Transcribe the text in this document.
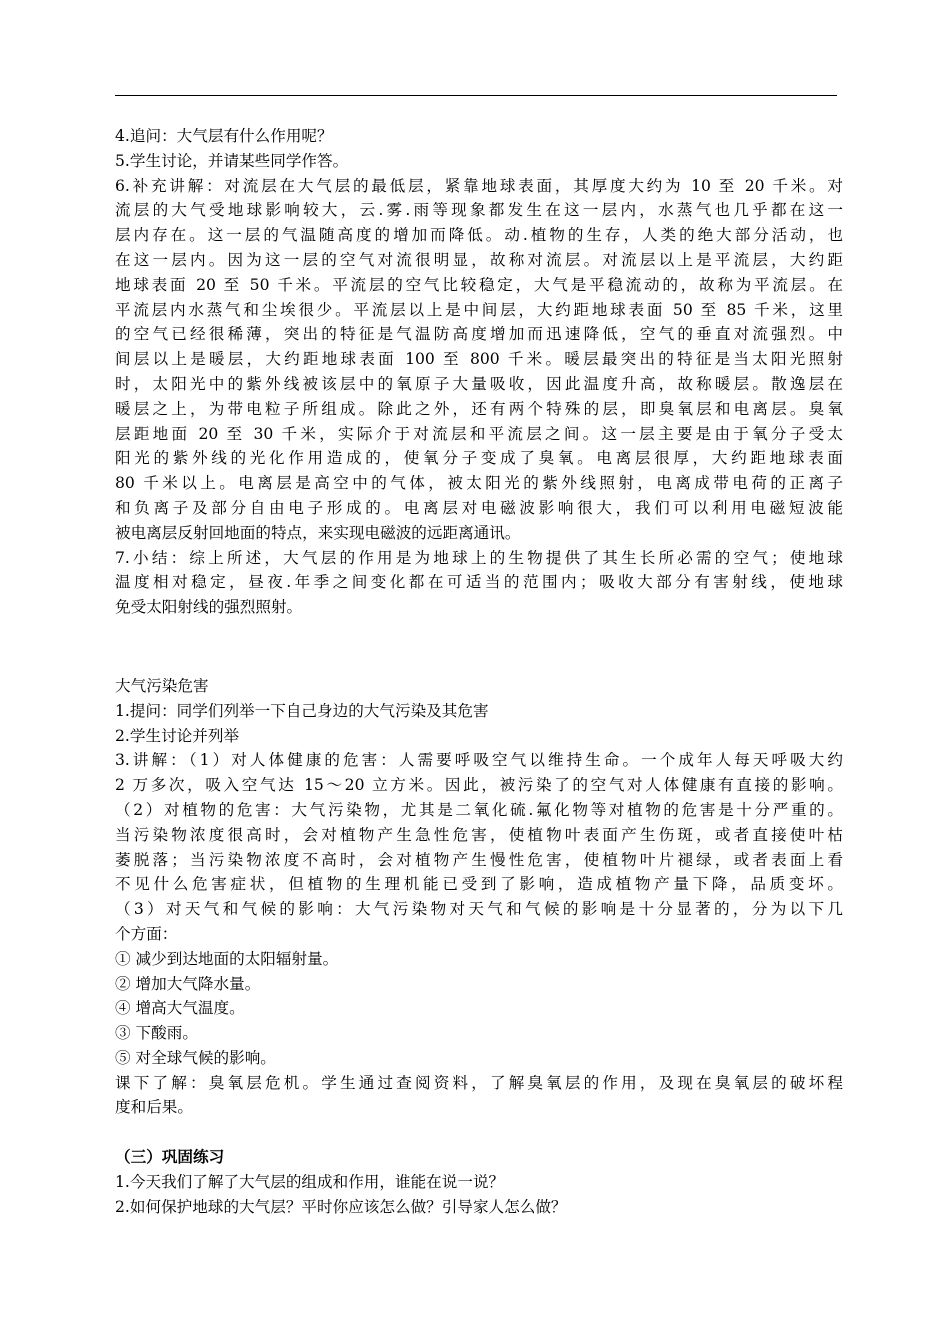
4.追问：大气层有什么作用呢？
5.学生讨论，并请某些同学作答。
6.补充讲解：对流层在大气层的最低层，紧靠地球表面，其厚度大约为 10 至 20 千米。对
流层的大气受地球影响较大，云.雾.雨等现象都发生在这一层内，水蒸气也几乎都在这一
层内存在。这一层的气温随高度的增加而降低。动.植物的生存，人类的绝大部分活动，也
在这一层内。因为这一层的空气对流很明显，故称对流层。对流层以上是平流层，大约距
地球表面 20 至 50 千米。平流层的空气比较稳定，大气是平稳流动的，故称为平流层。在
平流层内水蒸气和尘埃很少。平流层以上是中间层，大约距地球表面 50 至 85 千米，这里
的空气已经很稀薄，突出的特征是气温防高度增加而迅速降低，空气的垂直对流强烈。中
间层以上是暖层，大约距地球表面 100 至 800 千米。暖层最突出的特征是当太阳光照射
时，太阳光中的紫外线被该层中的氧原子大量吸收，因此温度升高，故称暖层。散逸层在
暖层之上，为带电粒子所组成。除此之外，还有两个特殊的层，即臭氧层和电离层。臭氧
层距地面 20 至 30 千米，实际介于对流层和平流层之间。这一层主要是由于氧分子受太
阳光的紫外线的光化作用造成的，使氧分子变成了臭氧。电离层很厚，大约距地球表面
80 千米以上。电离层是高空中的气体，被太阳光的紫外线照射，电离成带电荷的正离子
和负离子及部分自由电子形成的。电离层对电磁波影响很大，我们可以利用电磁短波能
被电离层反射回地面的特点，来实现电磁波的远距离通讯。
7.小结：综上所述，大气层的作用是为地球上的生物提供了其生长所必需的空气；使地球
温度相对稳定，昼夜.年季之间变化都在可适当的范围内；吸收大部分有害射线，使地球
免受太阳射线的强烈照射。
大气污染危害
1.提问：同学们列举一下自己身边的大气污染及其危害
2.学生讨论并列举
3.讲解：（1）对人体健康的危害：人需要呼吸空气以维持生命。一个成年人每天呼吸大约
2 万多次，吸入空气达 15～20 立方米。因此，被污染了的空气对人体健康有直接的影响。
（2）对植物的危害：大气污染物，尤其是二氧化硫.氟化物等对植物的危害是十分严重的。
当污染物浓度很高时，会对植物产生急性危害，使植物叶表面产生伤斑，或者直接使叶枯
萎脱落；当污染物浓度不高时，会对植物产生慢性危害，使植物叶片褪绿，或者表面上看
不见什么危害症状，但植物的生理机能已受到了影响，造成植物产量下降，品质变坏。
（3）对天气和气候的影响：大气污染物对天气和气候的影响是十分显著的，分为以下几
个方面：
① 减少到达地面的太阳辐射量。
② 增加大气降水量。
④ 增高大气温度。
③ 下酸雨。
⑤ 对全球气候的影响。
课下了解：臭氧层危机。学生通过查阅资料，了解臭氧层的作用，及现在臭氧层的破坏程
度和后果。
（三）巩固练习
1.今天我们了解了大气层的组成和作用，谁能在说一说？
2.如何保护地球的大气层？平时你应该怎么做？引导家人怎么做？
